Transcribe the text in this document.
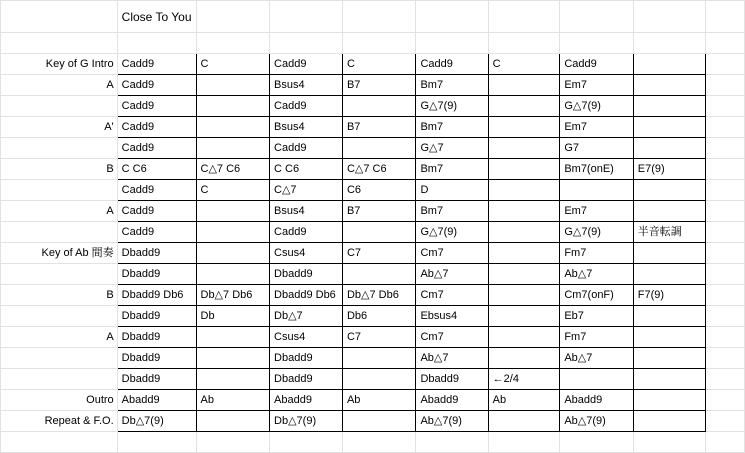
	Close To You								

Key of G Intro	Cadd9	C	Cadd9	C	Cadd9	C	Cadd9		
A	Cadd9		Bsus4	B7	Bm7		Em7		
	Cadd9		Cadd9		G△7(9)		G△7(9)		
A'	Cadd9		Bsus4	B7	Bm7		Em7		
	Cadd9		Cadd9		G△7		G7		
B	C C6	C△7 C6	C C6	C△7 C6	Bm7		Bm7(onE)	E7(9)	
	Cadd9	C	C△7	C6	D				
A	Cadd9		Bsus4	B7	Bm7		Em7		
	Cadd9		Cadd9		G△7(9)		G△7(9)	半音転調	
Key of Ab 間奏	Dbadd9		Csus4	C7	Cm7		Fm7		
	Dbadd9		Dbadd9		Ab△7		Ab△7		
B	Dbadd9 Db6	Db△7 Db6	Dbadd9 Db6	Db△7 Db6	Cm7		Cm7(onF)	F7(9)	
	Dbadd9	Db	Db△7	Db6	Ebsus4		Eb7		
A	Dbadd9		Csus4	C7	Cm7		Fm7		
	Dbadd9		Dbadd9		Ab△7		Ab△7		
	Dbadd9		Dbadd9		Dbadd9	←2/4			
Outro	Abadd9	Ab	Abadd9	Ab	Abadd9	Ab	Abadd9		
Repeat & F.O.	Db△7(9)		Db△7(9)		Ab△7(9)		Ab△7(9)		
